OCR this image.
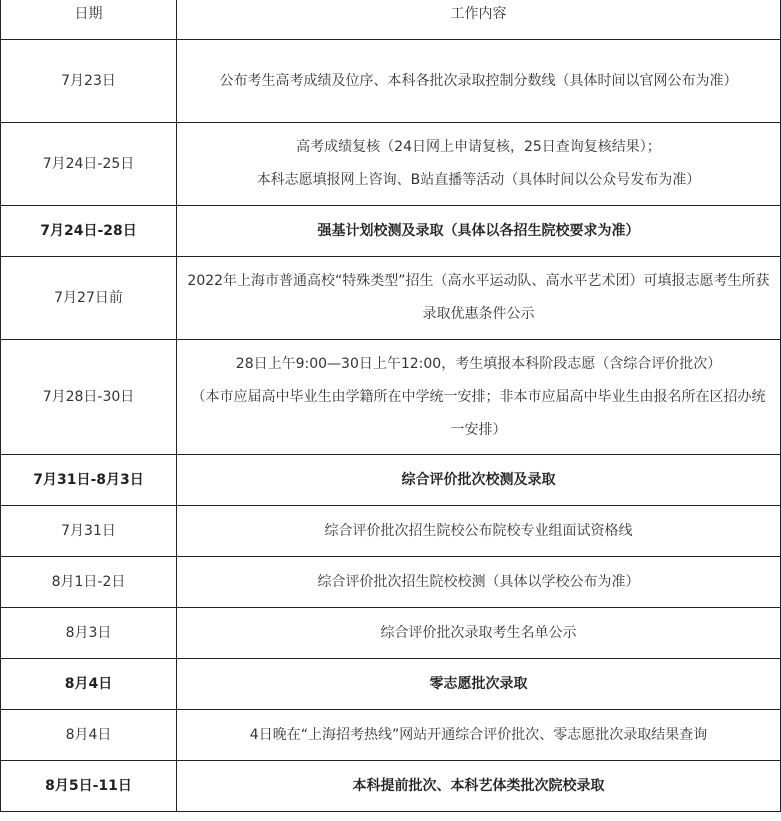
日期	工作内容
7月23日	公布考生高考成绩及位序、本科各批次录取控制分数线（具体时间以官网公布为准）
7月24日-25日	高考成绩复核（24日网上申请复核，25日查询复核结果）；
本科志愿填报网上咨询、B站直播等活动（具体时间以公众号发布为准）
7月24日-28日	强基计划校测及录取（具体以各招生院校要求为准）
7月27日前	2022年上海市普通高校“特殊类型”招生（高水平运动队、高水平艺术团）可填报志愿考生所获录取优惠条件公示
7月28日-30日	28日上午9:00—30日上午12:00，考生填报本科阶段志愿（含综合评价批次）
（本市应届高中毕业生由学籍所在中学统一安排；非本市应届高中毕业生由报名所在区招办统一安排）
7月31日-8月3日	综合评价批次校测及录取
7月31日	综合评价批次招生院校公布院校专业组面试资格线
8月1日-2日	综合评价批次招生院校校测（具体以学校公布为准）
8月3日	综合评价批次录取考生名单公示
8月4日	零志愿批次录取
8月4日	4日晚在“上海招考热线”网站开通综合评价批次、零志愿批次录取结果查询
8月5日-11日	本科提前批次、本科艺体类批次院校录取
